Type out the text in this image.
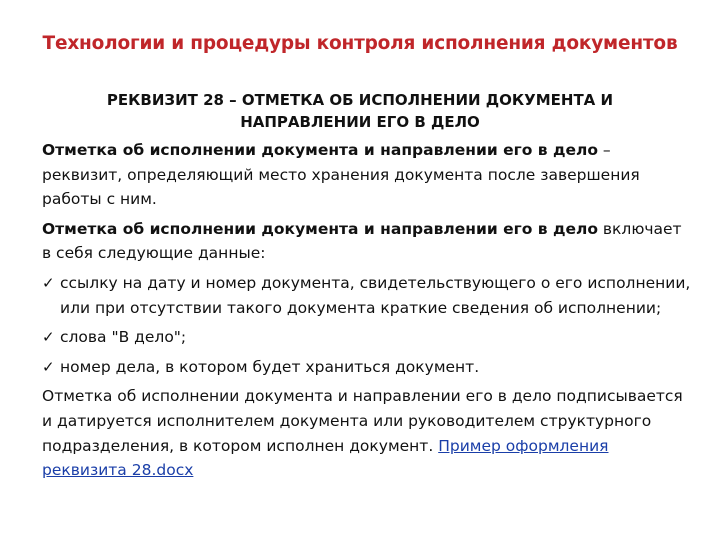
Технологии и процедуры контроля исполнения документов
РЕКВИЗИТ 28 – ОТМЕТКА ОБ ИСПОЛНЕНИИ ДОКУМЕНТА И
НАПРАВЛЕНИИ ЕГО В ДЕЛО

Отметка об исполнении документа и направлении его в дело – реквизит, определяющий место хранения документа после завершения работы с ним.

Отметка об исполнении документа и направлении его в дело включает в себя следующие данные:

✓ ссылку на дату и номер документа, свидетельствующего о его исполнении, или при отсутствии такого документа краткие сведения об исполнении;
✓ слова "В дело";
✓ номер дела, в котором будет храниться документ.

Отметка об исполнении документа и направлении его в дело подписывается и датируется исполнителем документа или руководителем структурного подразделения, в котором исполнен документ. Пример оформления реквизита 28.docx
